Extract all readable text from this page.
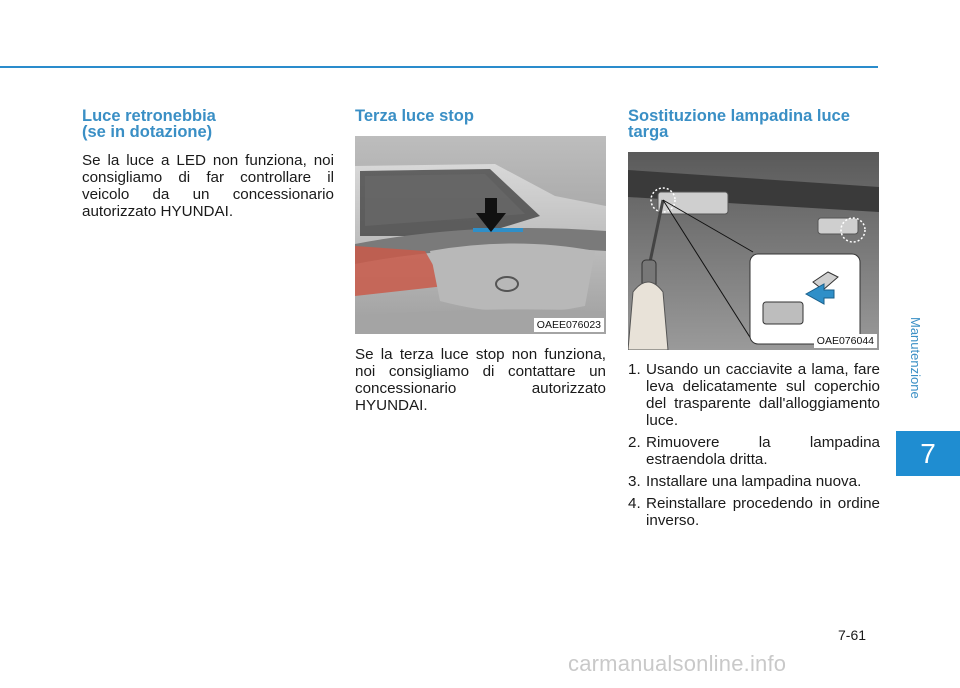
Luce retronebbia
(se in dotazione)

Se la luce a LED non funziona, noi consigliamo di far controllare il veicolo da un concessionario autorizzato HYUNDAI.

Terza luce stop
OAEE076023

Se la terza luce stop non funziona, noi consigliamo di contattare un concessionario autorizzato HYUNDAI.

Sostituzione lampadina luce
targa
OAE076044
1. Usando un cacciavite a lama, fare leva delicatamente sul coperchio del trasparente dall'alloggiamento luce.
2. Rimuovere la lampadina estraendola dritta.
3. Installare una lampadina nuova.
4. Reinstallare procedendo in ordine inverso.
Manutenzione
7
7-61
carmanualsonline.info
